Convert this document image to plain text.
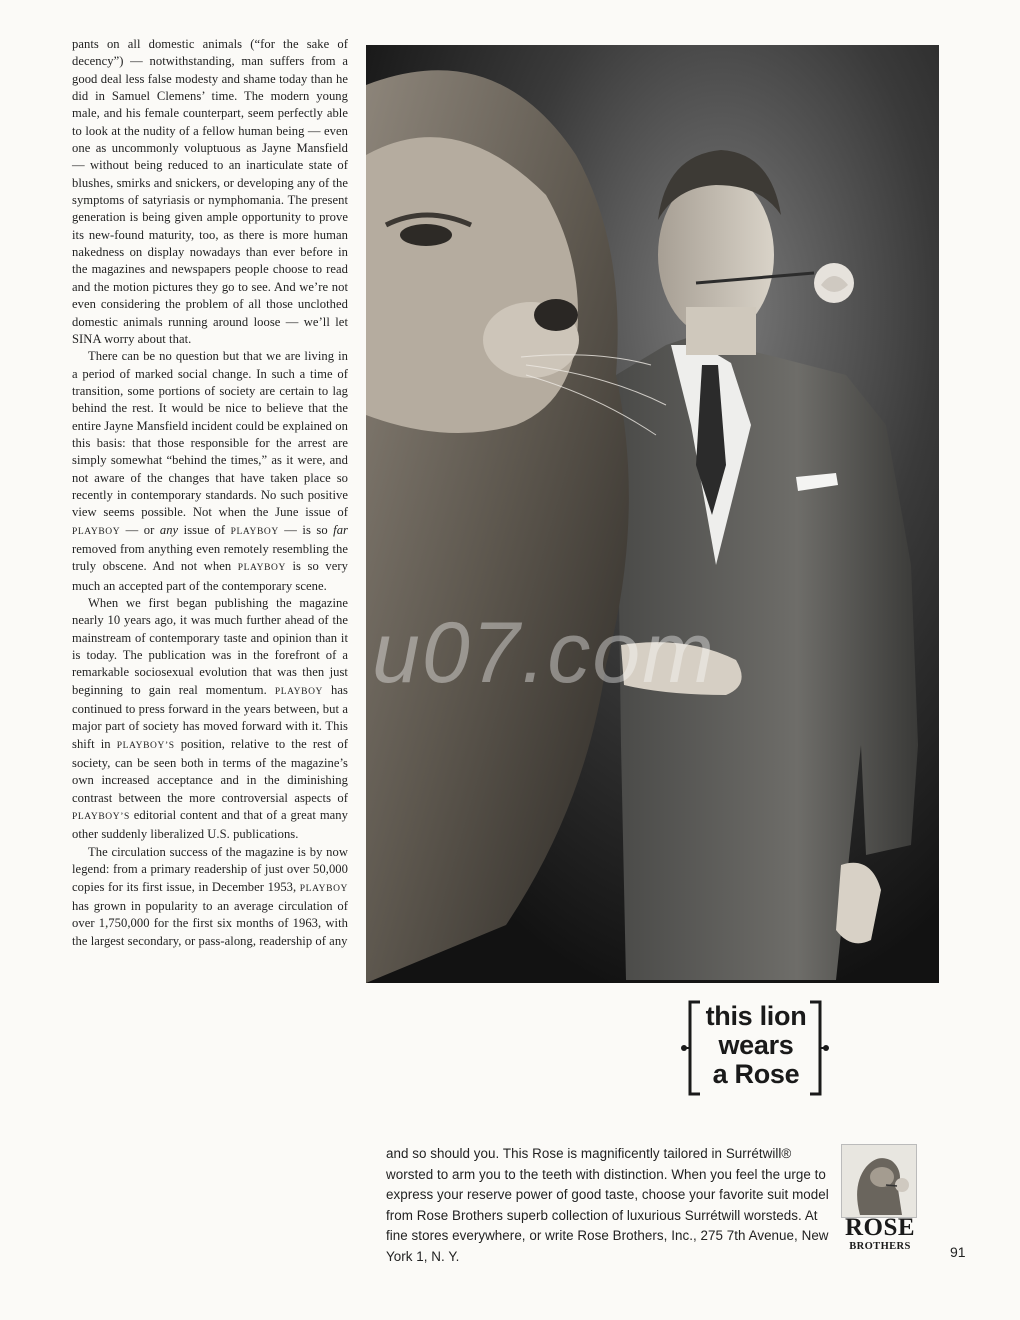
pants on all domestic animals (“for the sake of decency”) — notwithstanding, man suffers from a good deal less false modesty and shame today than he did in Samuel Clemens’ time. The modern young male, and his female counterpart, seem perfectly able to look at the nudity of a fellow human being — even one as uncommonly voluptuous as Jayne Mansfield — without being reduced to an inarticulate state of blushes, smirks and snickers, or developing any of the symptoms of satyriasis or nymphomania. The present generation is being given ample opportunity to prove its new-found maturity, too, as there is more human nakedness on display nowadays than ever before in the magazines and newspapers people choose to read and the motion pictures they go to see. And we’re not even considering the problem of all those unclothed domestic animals running around loose — we’ll let SINA worry about that.

There can be no question but that we are living in a period of marked social change. In such a time of transition, some portions of society are certain to lag behind the rest. It would be nice to believe that the entire Jayne Mansfield incident could be explained on this basis: that those responsible for the arrest are simply somewhat “behind the times,” as it were, and not aware of the changes that have taken place so recently in contemporary standards. No such positive view seems possible. Not when the June issue of PLAYBOY — or any issue of PLAYBOY — is so far removed from anything even remotely resembling the truly obscene. And not when PLAYBOY is so very much an accepted part of the contemporary scene.

When we first began publishing the magazine nearly 10 years ago, it was much further ahead of the mainstream of contemporary taste and opinion than it is today. The publication was in the forefront of a remarkable sociosexual evolution that was then just beginning to gain real momentum. PLAYBOY has continued to press forward in the years between, but a major part of society has moved forward with it. This shift in PLAYBOY’S position, relative to the rest of society, can be seen both in terms of the magazine’s own increased acceptance and in the diminishing contrast between the more controversial aspects of PLAYBOY’S editorial content and that of a great many other suddenly liberalized U.S. publications.

The circulation success of the magazine is by now legend: from a primary readership of just over 50,000 copies for its first issue, in December 1953, PLAYBOY has grown in popularity to an average circulation of over 1,750,000 for the first six months of 1963, with the largest secondary, or pass-along, readership of any

u07.com
this lion
wears
a Rose
and so should you. This Rose is magnificently tailored in Surrétwill® worsted to arm you to the teeth with distinction. When you feel the urge to express your reserve power of good taste, choose your favorite suit model from Rose Brothers superb collection of luxurious Surrétwill worsteds. At fine stores everywhere, or write Rose Brothers, Inc., 275 7th Avenue, New York 1, N. Y.
ROSE
BROTHERS	91
